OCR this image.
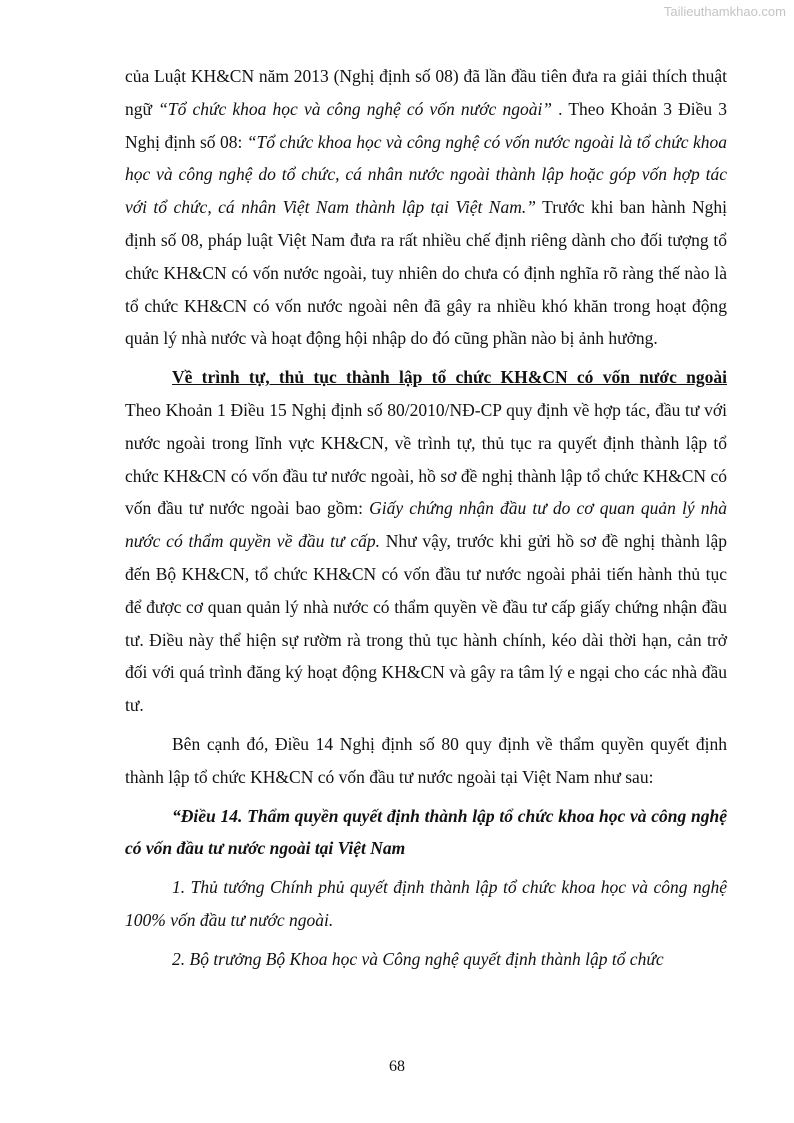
Tailieuthamkhao.com

của Luật KH&CN năm 2013 (Nghị định số 08) đã lần đầu tiên đưa ra giải thích thuật ngữ “Tổ chức khoa học và công nghệ có vốn nước ngoài” . Theo Khoản 3 Điều 3 Nghị định số 08: “Tổ chức khoa học và công nghệ có vốn nước ngoài là tổ chức khoa học và công nghệ do tổ chức, cá nhân nước ngoài thành lập hoặc góp vốn hợp tác với tổ chức, cá nhân Việt Nam thành lập tại Việt Nam.” Trước khi ban hành Nghị định số 08, pháp luật Việt Nam đưa ra rất nhiều chế định riêng dành cho đối tượng tổ chức KH&CN có vốn nước ngoài, tuy nhiên do chưa có định nghĩa rõ ràng thế nào là tổ chức KH&CN có vốn nước ngoài nên đã gây ra nhiều khó khăn trong hoạt động quản lý nhà nước và hoạt động hội nhập do đó cũng phần nào bị ảnh hưởng.

Về trình tự, thủ tục thành lập tổ chức KH&CN có vốn nước ngoài

Theo Khoản 1 Điều 15 Nghị định số 80/2010/NĐ-CP quy định về hợp tác, đầu tư với nước ngoài trong lĩnh vực KH&CN, về trình tự, thủ tục ra quyết định thành lập tổ chức KH&CN có vốn đầu tư nước ngoài, hồ sơ đề nghị thành lập tổ chức KH&CN có vốn đầu tư nước ngoài bao gồm: Giấy chứng nhận đầu tư do cơ quan quản lý nhà nước có thẩm quyền về đầu tư cấp. Như vậy, trước khi gửi hồ sơ đề nghị thành lập đến Bộ KH&CN, tổ chức KH&CN có vốn đầu tư nước ngoài phải tiến hành thủ tục để được cơ quan quản lý nhà nước có thẩm quyền về đầu tư cấp giấy chứng nhận đầu tư. Điều này thể hiện sự rườm rà trong thủ tục hành chính, kéo dài thời hạn, cản trở đối với quá trình đăng ký hoạt động KH&CN và gây ra tâm lý e ngại cho các nhà đầu tư.

Bên cạnh đó, Điều 14 Nghị định số 80 quy định về thẩm quyền quyết định thành lập tổ chức KH&CN có vốn đầu tư nước ngoài tại Việt Nam như sau:

“Điều 14. Thẩm quyền quyết định thành lập tổ chức khoa học và công nghệ có vốn đầu tư nước ngoài tại Việt Nam

1. Thủ tướng Chính phủ quyết định thành lập tổ chức khoa học và công nghệ 100% vốn đầu tư nước ngoài.

2. Bộ trưởng Bộ Khoa học và Công nghệ quyết định thành lập tổ chức

68
